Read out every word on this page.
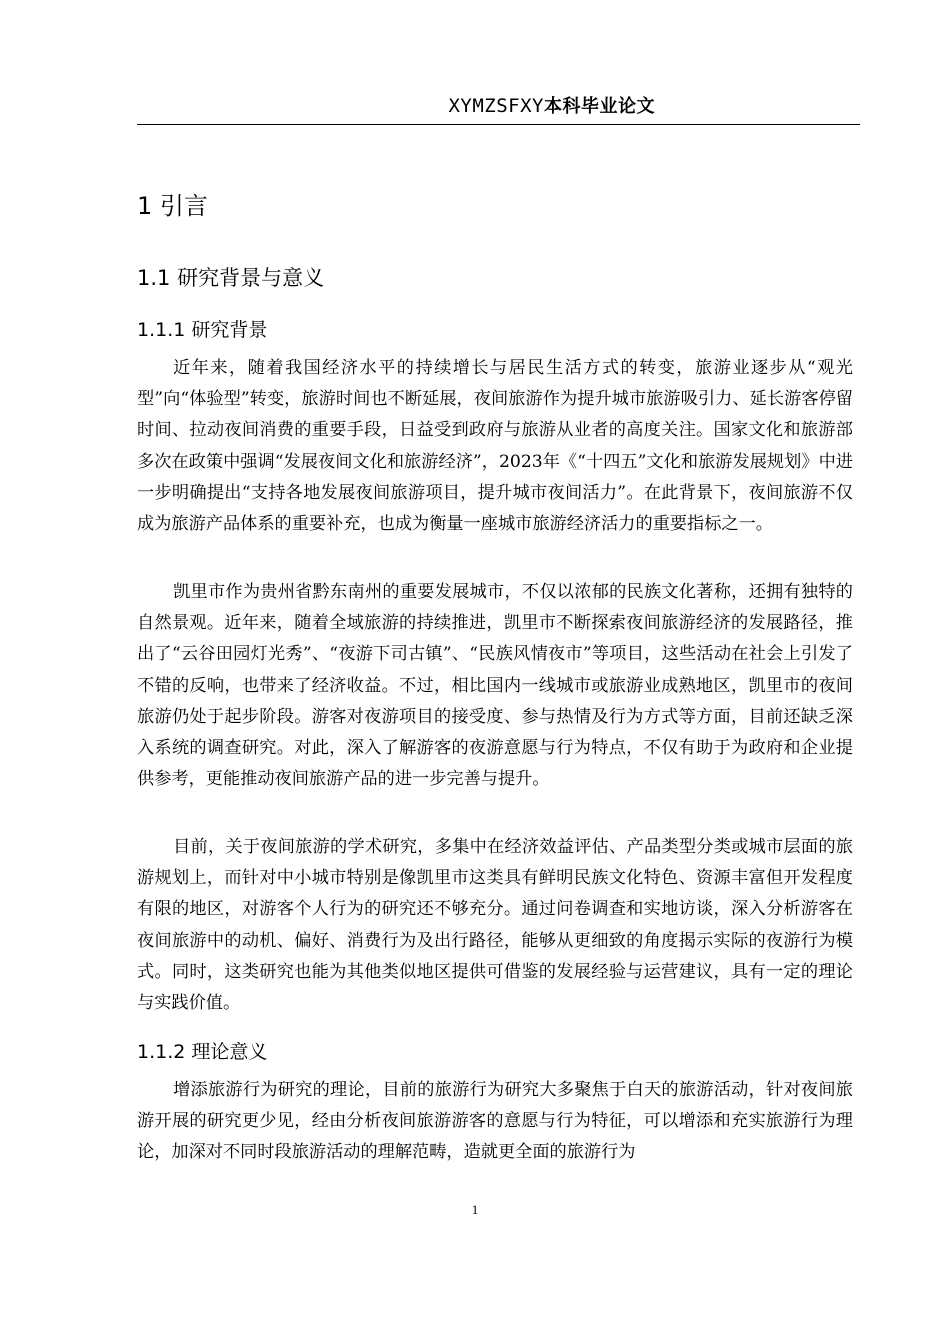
XYMZSFXY本科毕业论文
1 引言
1.1 研究背景与意义
1.1.1 研究背景

近年来，随着我国经济水平的持续增长与居民生活方式的转变，旅游业逐步从“观光型”向“体验型”转变，旅游时间也不断延展，夜间旅游作为提升城市旅游吸引力、延长游客停留时间、拉动夜间消费的重要手段，日益受到政府与旅游从业者的高度关注。国家文化和旅游部多次在政策中强调“发展夜间文化和旅游经济”，2023年《“十四五”文化和旅游发展规划》中进一步明确提出“支持各地发展夜间旅游项目，提升城市夜间活力”。在此背景下，夜间旅游不仅成为旅游产品体系的重要补充，也成为衡量一座城市旅游经济活力的重要指标之一。

凯里市作为贵州省黔东南州的重要发展城市，不仅以浓郁的民族文化著称，还拥有独特的自然景观。近年来，随着全域旅游的持续推进，凯里市不断探索夜间旅游经济的发展路径，推出了“云谷田园灯光秀”、“夜游下司古镇”、“民族风情夜市”等项目，这些活动在社会上引发了不错的反响，也带来了经济收益。不过，相比国内一线城市或旅游业成熟地区，凯里市的夜间旅游仍处于起步阶段。游客对夜游项目的接受度、参与热情及行为方式等方面，目前还缺乏深入系统的调查研究。对此，深入了解游客的夜游意愿与行为特点，不仅有助于为政府和企业提供参考，更能推动夜间旅游产品的进一步完善与提升。

目前，关于夜间旅游的学术研究，多集中在经济效益评估、产品类型分类或城市层面的旅游规划上，而针对中小城市特别是像凯里市这类具有鲜明民族文化特色、资源丰富但开发程度有限的地区，对游客个人行为的研究还不够充分。通过问卷调查和实地访谈，深入分析游客在夜间旅游中的动机、偏好、消费行为及出行路径，能够从更细致的角度揭示实际的夜游行为模式。同时，这类研究也能为其他类似地区提供可借鉴的发展经验与运营建议，具有一定的理论与实践价值。

1.1.2 理论意义

增添旅游行为研究的理论，目前的旅游行为研究大多聚焦于白天的旅游活动，针对夜间旅游开展的研究更少见，经由分析夜间旅游游客的意愿与行为特征，可以增添和充实旅游行为理论，加深对不同时段旅游活动的理解范畴，造就更全面的旅游行为

1
